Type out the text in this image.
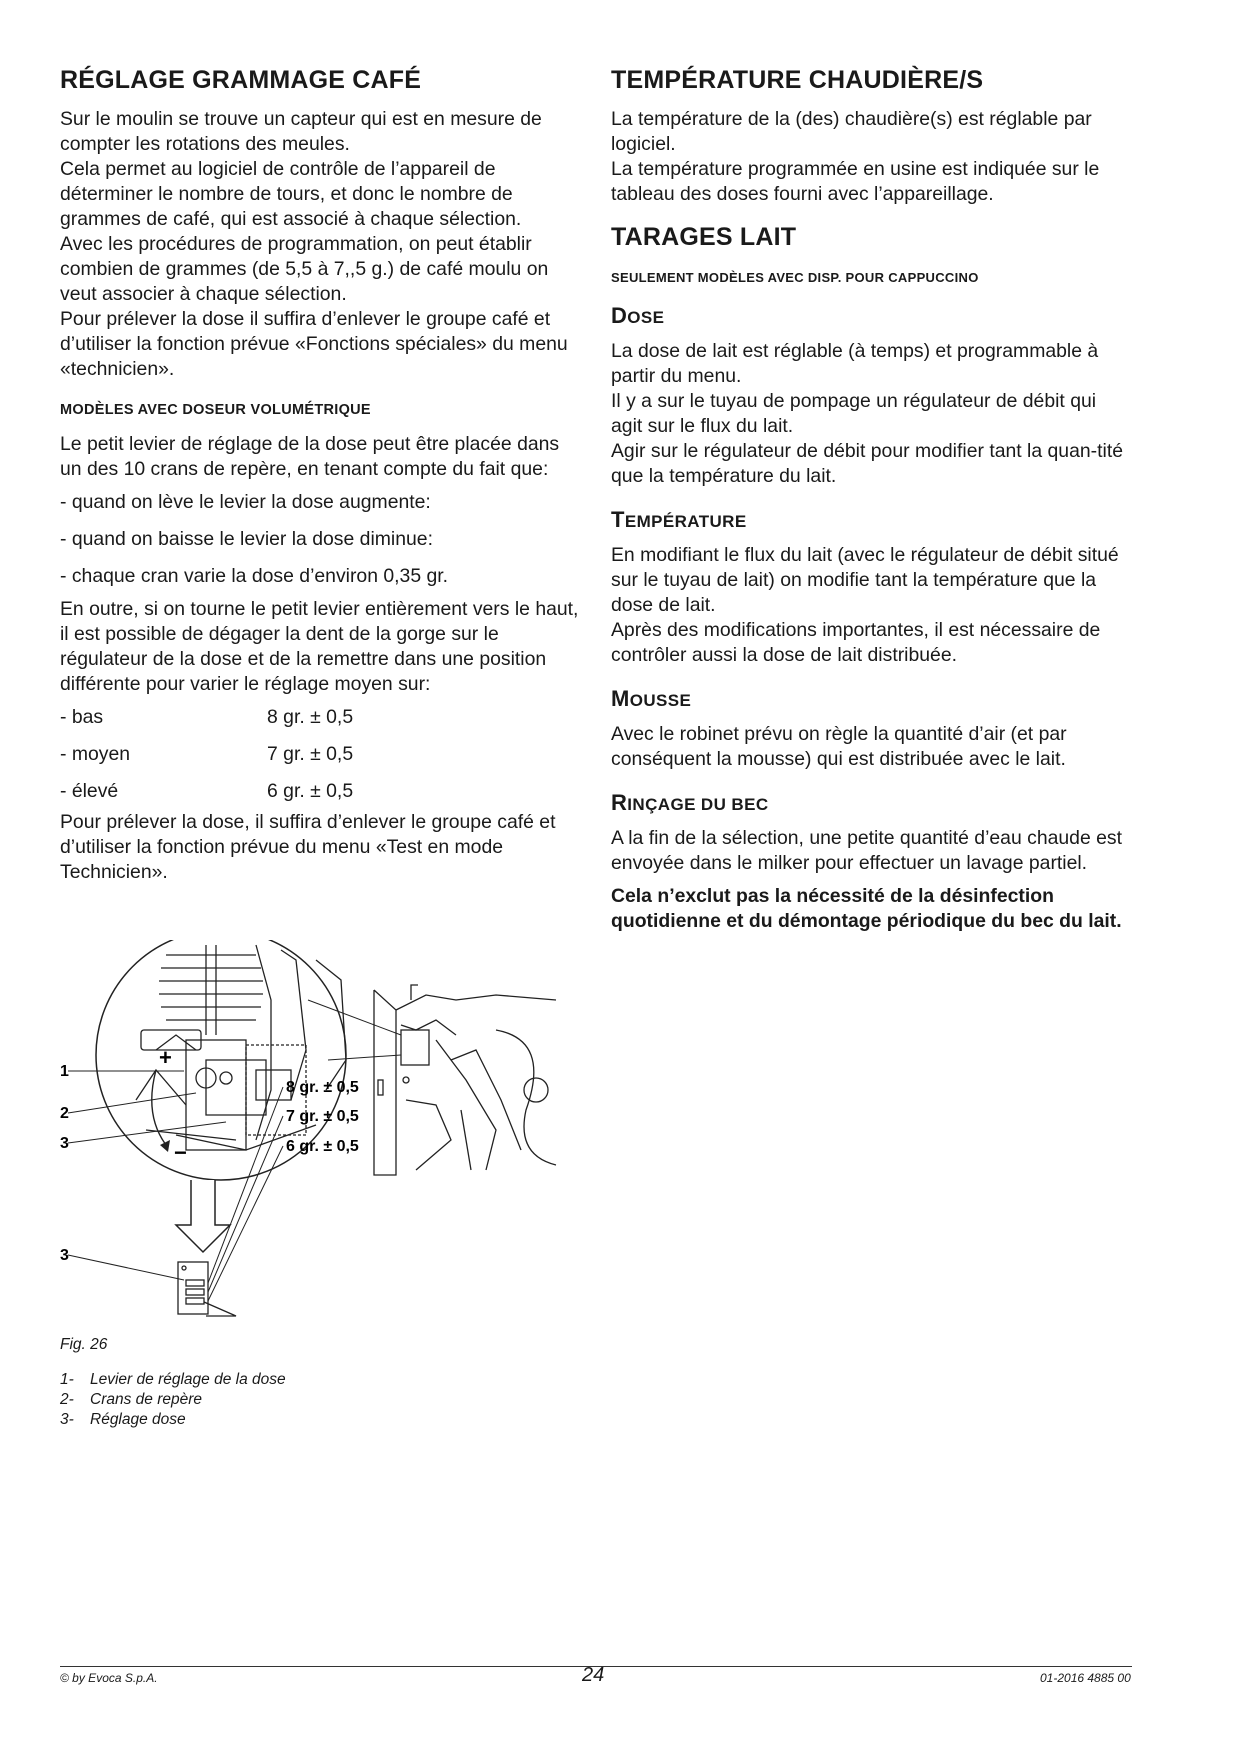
RÉGLAGE GRAMMAGE CAFÉ

Sur le moulin se trouve un capteur qui est en mesure de compter les rotations des meules.

Cela permet au logiciel de contrôle de l’appareil de déterminer le nombre de tours, et donc le nombre de grammes de café, qui est associé à chaque sélection.

Avec les procédures de programmation, on peut établir combien de grammes (de 5,5 à 7,,5 g.) de café moulu on veut associer à chaque sélection.

Pour prélever la dose il suffira d’enlever le groupe café et d’utiliser la fonction prévue «Fonctions spéciales» du menu «technicien».

MODÈLES AVEC DOSEUR VOLUMÉTRIQUE

Le petit levier de réglage de la dose peut être placée dans un des 10 crans de repère, en tenant compte du fait que:

- quand on lève le levier la dose augmente:

- quand on baisse le levier la dose diminue:

- chaque cran varie la dose d’environ 0,35 gr.

En outre, si on tourne le petit levier entièrement vers le haut, il est possible de dégager la dent de la gorge sur le régulateur de la dose et de la remettre dans une position différente pour varier le réglage moyen sur:

- bas	8 gr. ± 0,5
- moyen	7 gr. ± 0,5
- élevé	6 gr. ± 0,5

Pour prélever la dose, il suffira d’enlever le groupe café et d’utiliser la fonction prévue du menu «Test en mode Technicien».

+
−
1
2
3
3
8 gr. ± 0,5
7 gr. ± 0,5
6 gr. ± 0,5
Fig. 26
1- Levier de réglage de la dose
2- Crans de repère
3- Réglage dose
TEMPÉRATURE CHAUDIÈRE/S

La température de la (des) chaudière(s) est réglable par logiciel.

La température programmée en usine est indiquée sur le tableau des doses fourni avec l’appareillage.

TARAGES LAIT
SEULEMENT MODÈLES AVEC DISP. POUR CAPPUCCINO
DOSE

La dose de lait est réglable (à temps) et programmable à partir du menu.

Il y a sur le tuyau de pompage un régulateur de débit qui agit sur le flux du lait.

Agir sur le régulateur de débit pour modifier tant la quan-tité que la température du lait.

TEMPÉRATURE

En modifiant le flux du lait (avec le régulateur de débit situé sur le tuyau de lait) on modifie tant la température que la dose de lait.

Après des modifications importantes, il est nécessaire de contrôler aussi la dose de lait distribuée.

MOUSSE

Avec le robinet prévu on règle la quantité d’air (et par conséquent la mousse) qui est distribuée avec le lait.

RINÇAGE DU BEC

A la fin de la sélection, une petite quantité d’eau chaude est envoyée dans le milker pour effectuer un lavage partiel.

Cela n’exclut pas la nécessité de la désinfection quotidienne et du démontage périodique du bec du lait.

© by Evoca S.p.A.	24	01-2016 4885 00
